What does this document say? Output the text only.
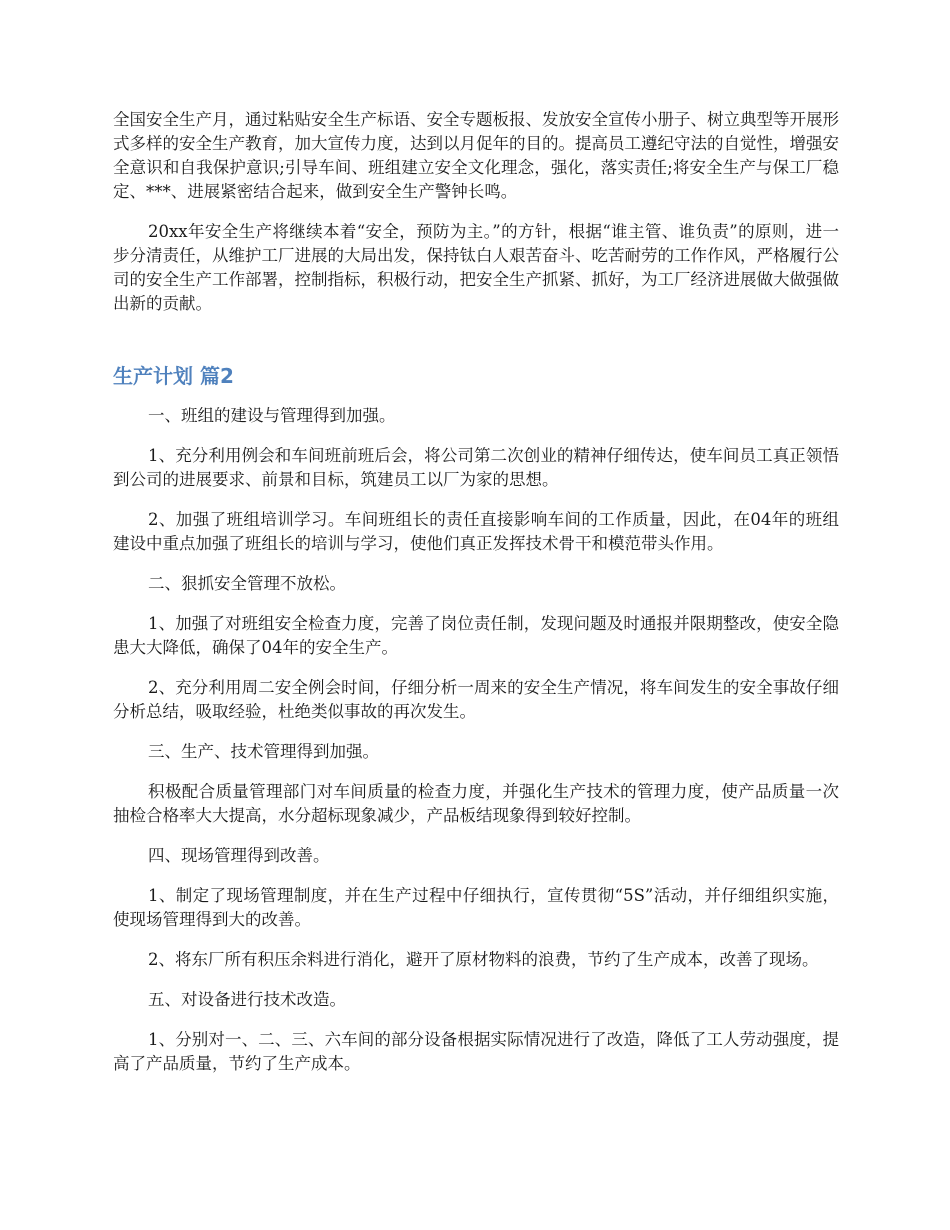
全国安全生产月，通过粘贴安全生产标语、安全专题板报、发放安全宣传小册子、树立典型等开展形式多样的安全生产教育，加大宣传力度，达到以月促年的目的。提高员工遵纪守法的自觉性，增强安全意识和自我保护意识;引导车间、班组建立安全文化理念，强化，落实责任;将安全生产与保工厂稳定、***、进展紧密结合起来，做到安全生产警钟长鸣。

20xx年安全生产将继续本着“安全，预防为主。”的方针，根据“谁主管、谁负责”的原则，进一步分清责任，从维护工厂进展的大局出发，保持钛白人艰苦奋斗、吃苦耐劳的工作作风，严格履行公司的安全生产工作部署，控制指标，积极行动，把安全生产抓紧、抓好，为工厂经济进展做大做强做出新的贡献。

生产计划 篇2

一、班组的建设与管理得到加强。

1、充分利用例会和车间班前班后会，将公司第二次创业的精神仔细传达，使车间员工真正领悟到公司的进展要求、前景和目标，筑建员工以厂为家的思想。

2、加强了班组培训学习。车间班组长的责任直接影响车间的工作质量，因此，在04年的班组建设中重点加强了班组长的培训与学习，使他们真正发挥技术骨干和模范带头作用。

二、狠抓安全管理不放松。

1、加强了对班组安全检查力度，完善了岗位责任制，发现问题及时通报并限期整改，使安全隐患大大降低，确保了04年的安全生产。

2、充分利用周二安全例会时间，仔细分析一周来的安全生产情况，将车间发生的安全事故仔细分析总结，吸取经验，杜绝类似事故的再次发生。

三、生产、技术管理得到加强。

积极配合质量管理部门对车间质量的检查力度，并强化生产技术的管理力度，使产品质量一次抽检合格率大大提高，水分超标现象减少，产品板结现象得到较好控制。

四、现场管理得到改善。

1、制定了现场管理制度，并在生产过程中仔细执行，宣传贯彻“5S”活动，并仔细组织实施，使现场管理得到大的改善。

2、将东厂所有积压余料进行消化，避开了原材物料的浪费，节约了生产成本，改善了现场。

五、对设备进行技术改造。

1、分别对一、二、三、六车间的部分设备根据实际情况进行了改造，降低了工人劳动强度，提高了产品质量，节约了生产成本。
